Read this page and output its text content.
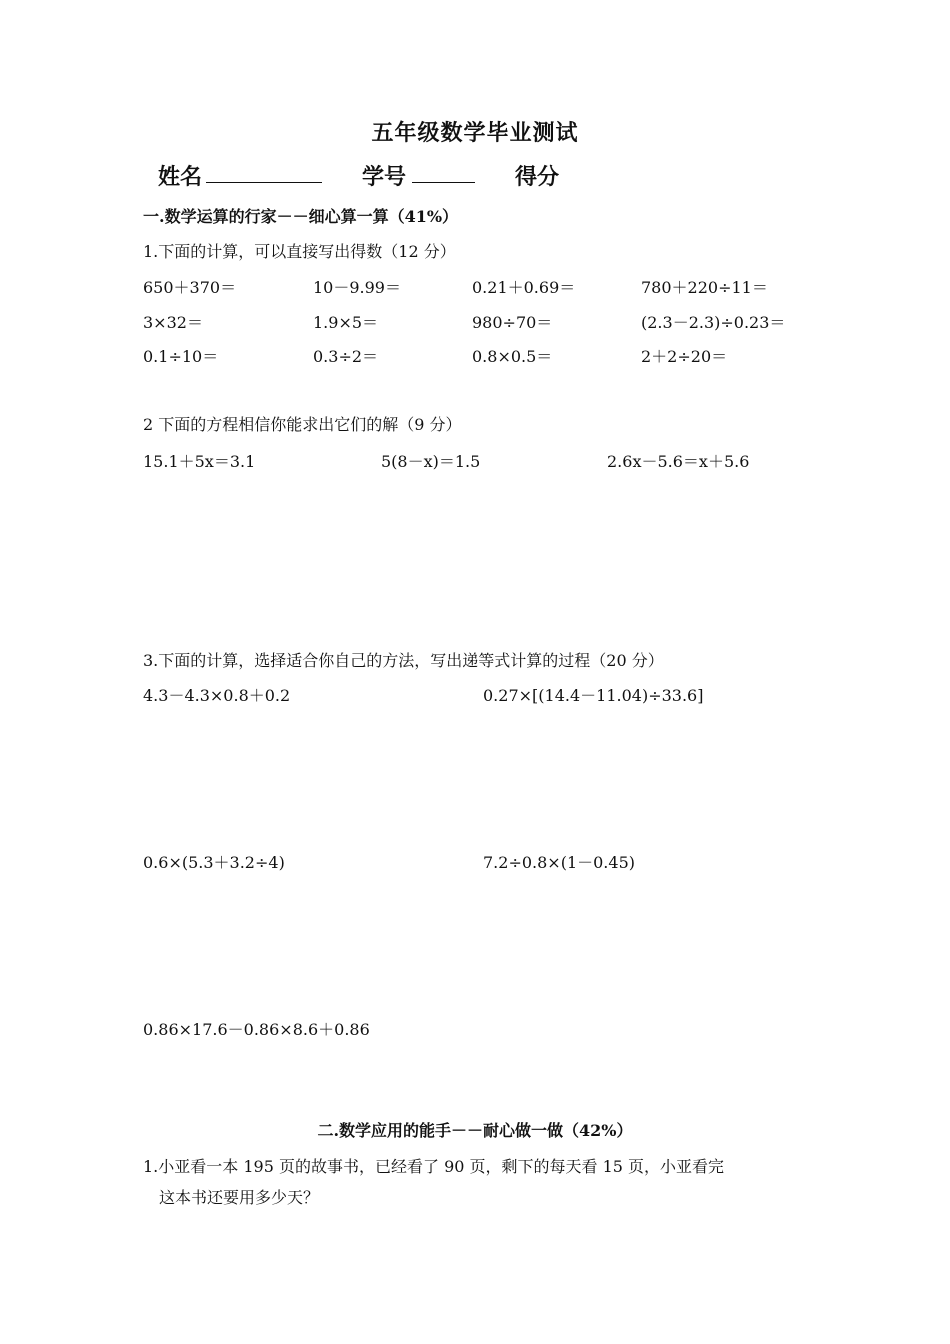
五年级数学毕业测试
姓名	学号	得分
一.数学运算的行家－－细心算一算（41%）
1.下面的计算，可以直接写出得数（12 分）
650＋370＝	10－9.99＝	0.21＋0.69＝	780＋220÷11＝
3×32＝	1.9×5＝	980÷70＝	(2.3－2.3)÷0.23＝
0.1÷10＝	0.3÷2＝	0.8×0.5＝	2＋2÷20＝
2 下面的方程相信你能求出它们的解（9 分）
15.1＋5x＝3.1	5(8－x)＝1.5	2.6x－5.6＝x＋5.6
3.下面的计算，选择适合你自己的方法，写出递等式计算的过程（20 分）
4.3－4.3×0.8＋0.2	0.27×[(14.4－11.04)÷33.6]
0.6×(5.3＋3.2÷4)	7.2÷0.8×(1－0.45)
0.86×17.6－0.86×8.6＋0.86
二.数学应用的能手－－耐心做一做（42%）
1.小亚看一本 195 页的故事书，已经看了 90 页，剩下的每天看 15 页，小亚看完
这本书还要用多少天？
